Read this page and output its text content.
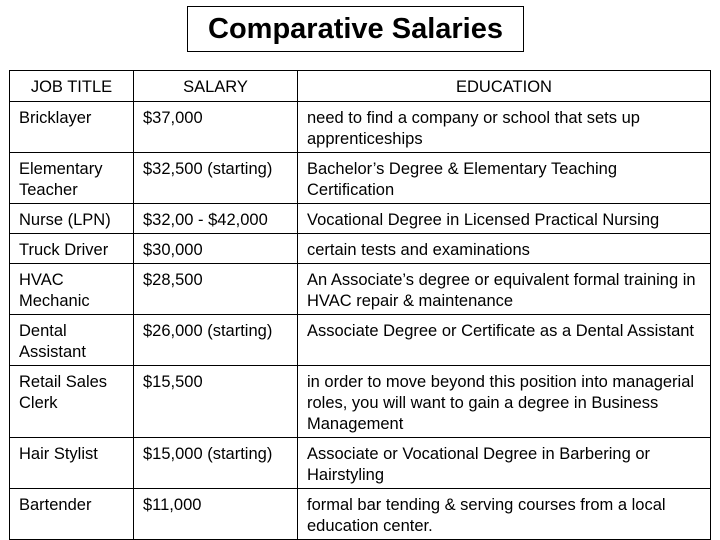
Comparative Salaries
JOB TITLE	SALARY	EDUCATION
Bricklayer	$37,000	need to find a company or school that sets up apprenticeships
Elementary Teacher	$32,500 (starting)	Bachelor’s Degree & Elementary Teaching Certification
Nurse (LPN)	$32,00 - $42,000	Vocational Degree in Licensed Practical Nursing
Truck Driver	$30,000	certain tests and examinations
HVAC Mechanic	$28,500	An Associate’s degree or equivalent formal training in HVAC repair & maintenance
Dental Assistant	$26,000 (starting)	Associate Degree or Certificate as a Dental Assistant
Retail Sales Clerk	$15,500	in order to move beyond this position into managerial roles, you will want to gain a degree in Business Management
Hair Stylist	$15,000 (starting)	Associate or Vocational Degree in Barbering or Hairstyling
Bartender	$11,000	formal bar tending & serving courses from a local education center.
